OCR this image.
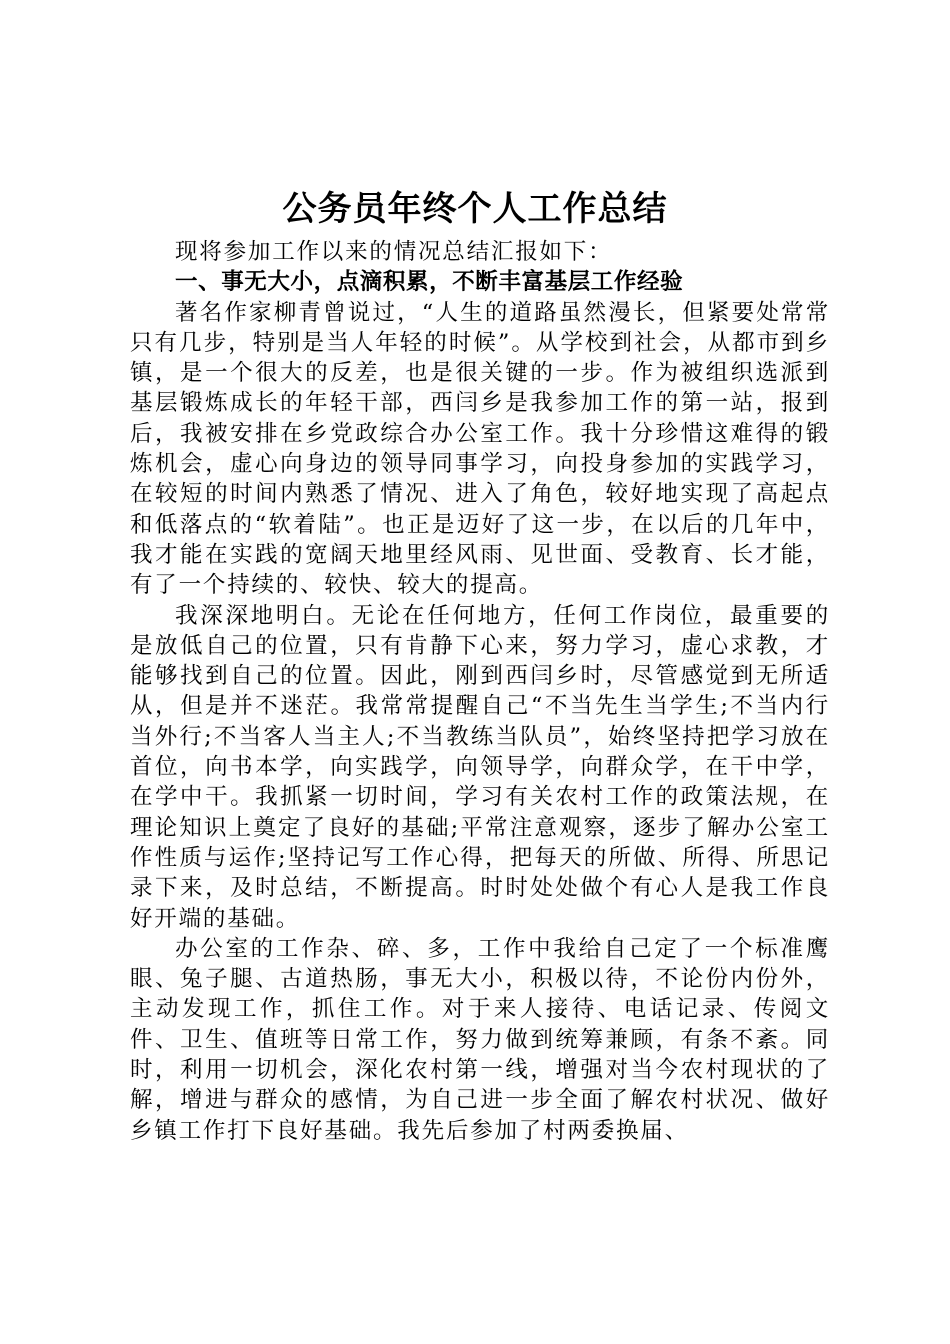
公务员年终个人工作总结

现将参加工作以来的情况总结汇报如下：

一、事无大小，点滴积累，不断丰富基层工作经验

著名作家柳青曾说过，“人生的道路虽然漫长，但紧要处常常只有几步，特别是当人年轻的时候”。从学校到社会，从都市到乡镇，是一个很大的反差，也是很关键的一步。作为被组织选派到基层锻炼成长的年轻干部，西闫乡是我参加工作的第一站，报到后，我被安排在乡党政综合办公室工作。我十分珍惜这难得的锻炼机会，虚心向身边的领导同事学习，向投身参加的实践学习，在较短的时间内熟悉了情况、进入了角色，较好地实现了高起点和低落点的“软着陆”。也正是迈好了这一步，在以后的几年中，我才能在实践的宽阔天地里经风雨、见世面、受教育、长才能，有了一个持续的、较快、较大的提高。

我深深地明白。无论在任何地方，任何工作岗位，最重要的是放低自己的位置，只有肯静下心来，努力学习，虚心求教，才能够找到自己的位置。因此，刚到西闫乡时，尽管感觉到无所适从，但是并不迷茫。我常常提醒自己“不当先生当学生;不当内行当外行;不当客人当主人;不当教练当队员”，始终坚持把学习放在首位，向书本学，向实践学，向领导学，向群众学，在干中学，在学中干。我抓紧一切时间，学习有关农村工作的政策法规，在理论知识上奠定了良好的基础;平常注意观察，逐步了解办公室工作性质与运作;坚持记写工作心得，把每天的所做、所得、所思记录下来，及时总结，不断提高。时时处处做个有心人是我工作良好开端的基础。

办公室的工作杂、碎、多，工作中我给自己定了一个标准鹰眼、兔子腿、古道热肠，事无大小，积极以待，不论份内份外，主动发现工作，抓住工作。对于来人接待、电话记录、传阅文件、卫生、值班等日常工作，努力做到统筹兼顾，有条不紊。同时，利用一切机会，深化农村第一线，增强对当今农村现状的了解，增进与群众的感情，为自己进一步全面了解农村状况、做好乡镇工作打下良好基础。我先后参加了村两委换届、
